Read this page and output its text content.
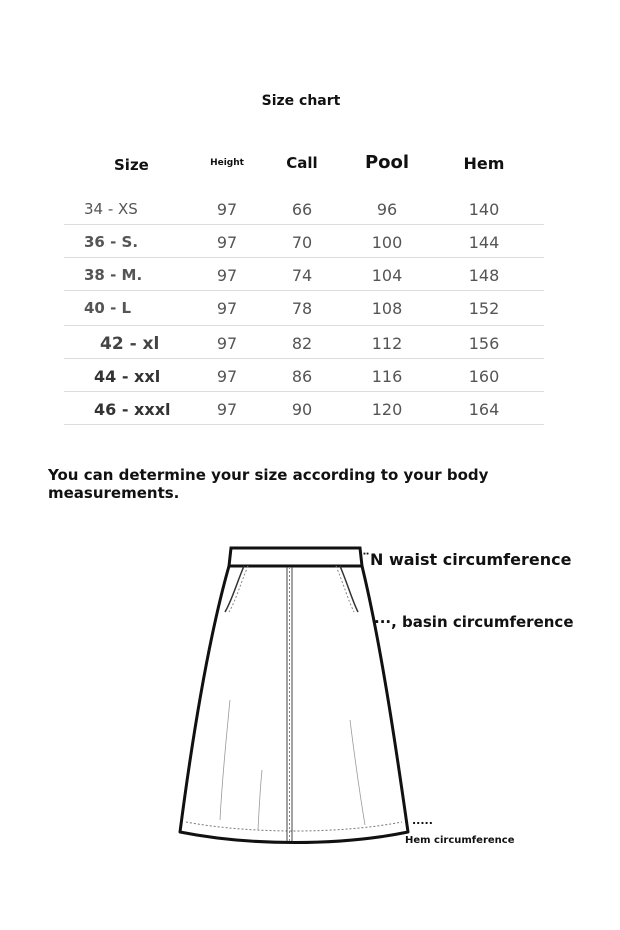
Size chart
Size	Height	Call	Pool	Hem
34 - XS	97	66	96	140
36 - S.	97	70	100	144
38 - M.	97	74	104	148
40 - L	97	78	108	152
42 - xl	97	82	112	156
44 - xxl	97	86	116	160
46 - xxxl	97	90	120	164
You can determine your size according to your body measurements.
¨N waist circumference
···, basin circumference
.....
Hem circumference
